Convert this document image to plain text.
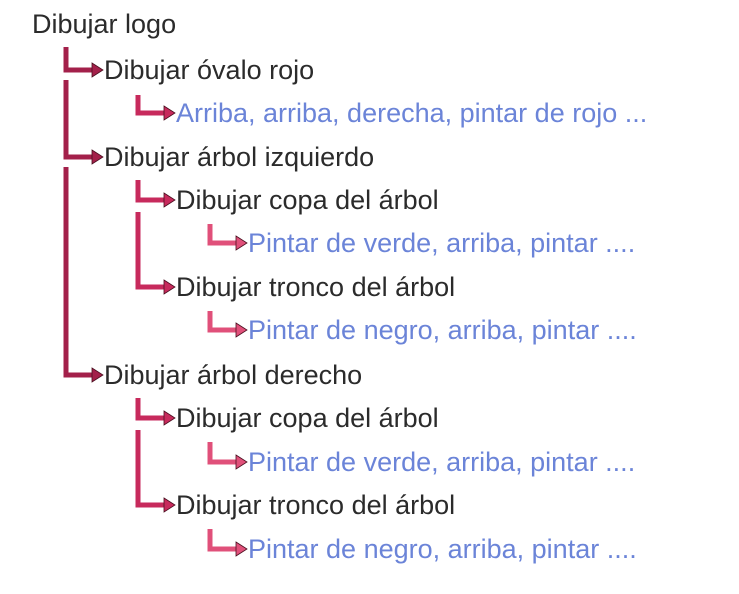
Dibujar logo
Dibujar óvalo rojo
Arriba, arriba, derecha, pintar de rojo ...
Dibujar árbol izquierdo
Dibujar copa del árbol
Pintar de verde, arriba, pintar ....
Dibujar tronco del árbol
Pintar de negro, arriba, pintar ....
Dibujar árbol derecho
Dibujar copa del árbol
Pintar de verde, arriba, pintar ....
Dibujar tronco del árbol
Pintar de negro, arriba, pintar ....
